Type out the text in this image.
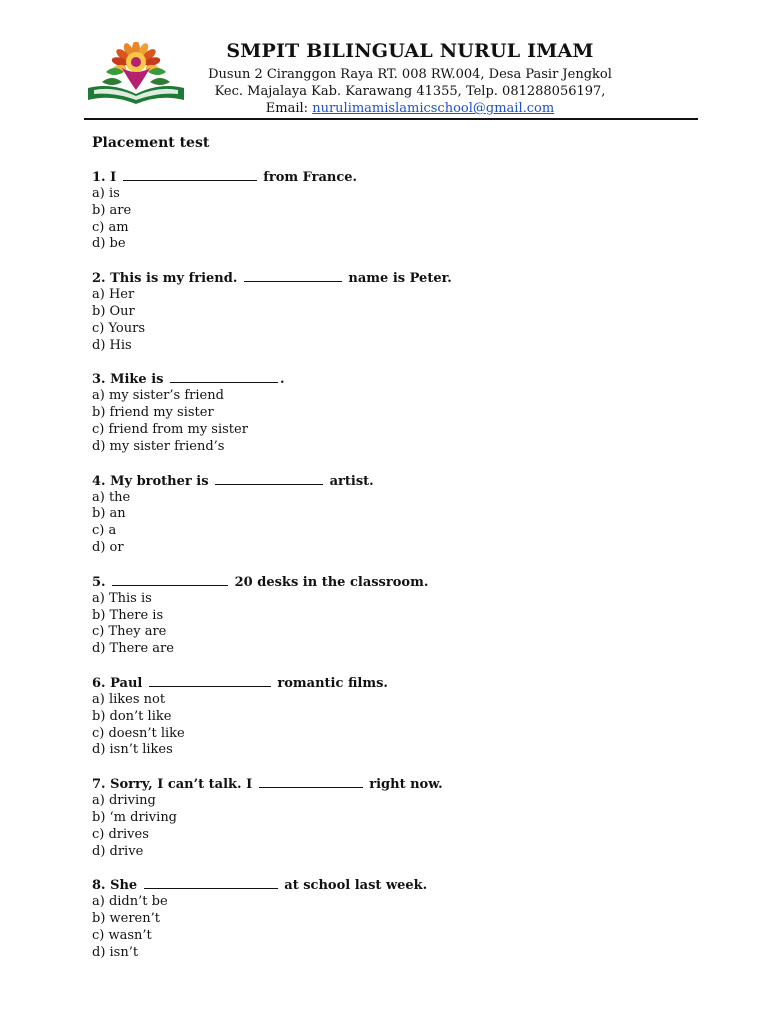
SMPIT BILINGUAL NURUL IMAM
Dusun 2 Ciranggon Raya RT. 008 RW.004, Desa Pasir Jengkol
Kec. Majalaya Kab. Karawang 41355, Telp. 081288056197,
Email: nurulimamislamicschool@gmail.com
Placement test
1. I	from France.
a) is
b) are
c) am
d) be
2. This is my friend.	name is Peter.
a) Her
b) Our
c) Yours
d) His
3. Mike is	.
a) my sister’s friend
b) friend my sister
c) friend from my sister
d) my sister friend’s
4. My brother is	artist.
a) the
b) an
c) a
d) or
5.	20 desks in the classroom.
a) This is
b) There is
c) They are
d) There are
6. Paul	romantic films.
a) likes not
b) don’t like
c) doesn’t like
d) isn’t likes
7. Sorry, I can’t talk. I	right now.
a) driving
b) ‘m driving
c) drives
d) drive
8. She	at school last week.
a) didn’t be
b) weren’t
c) wasn’t
d) isn’t
